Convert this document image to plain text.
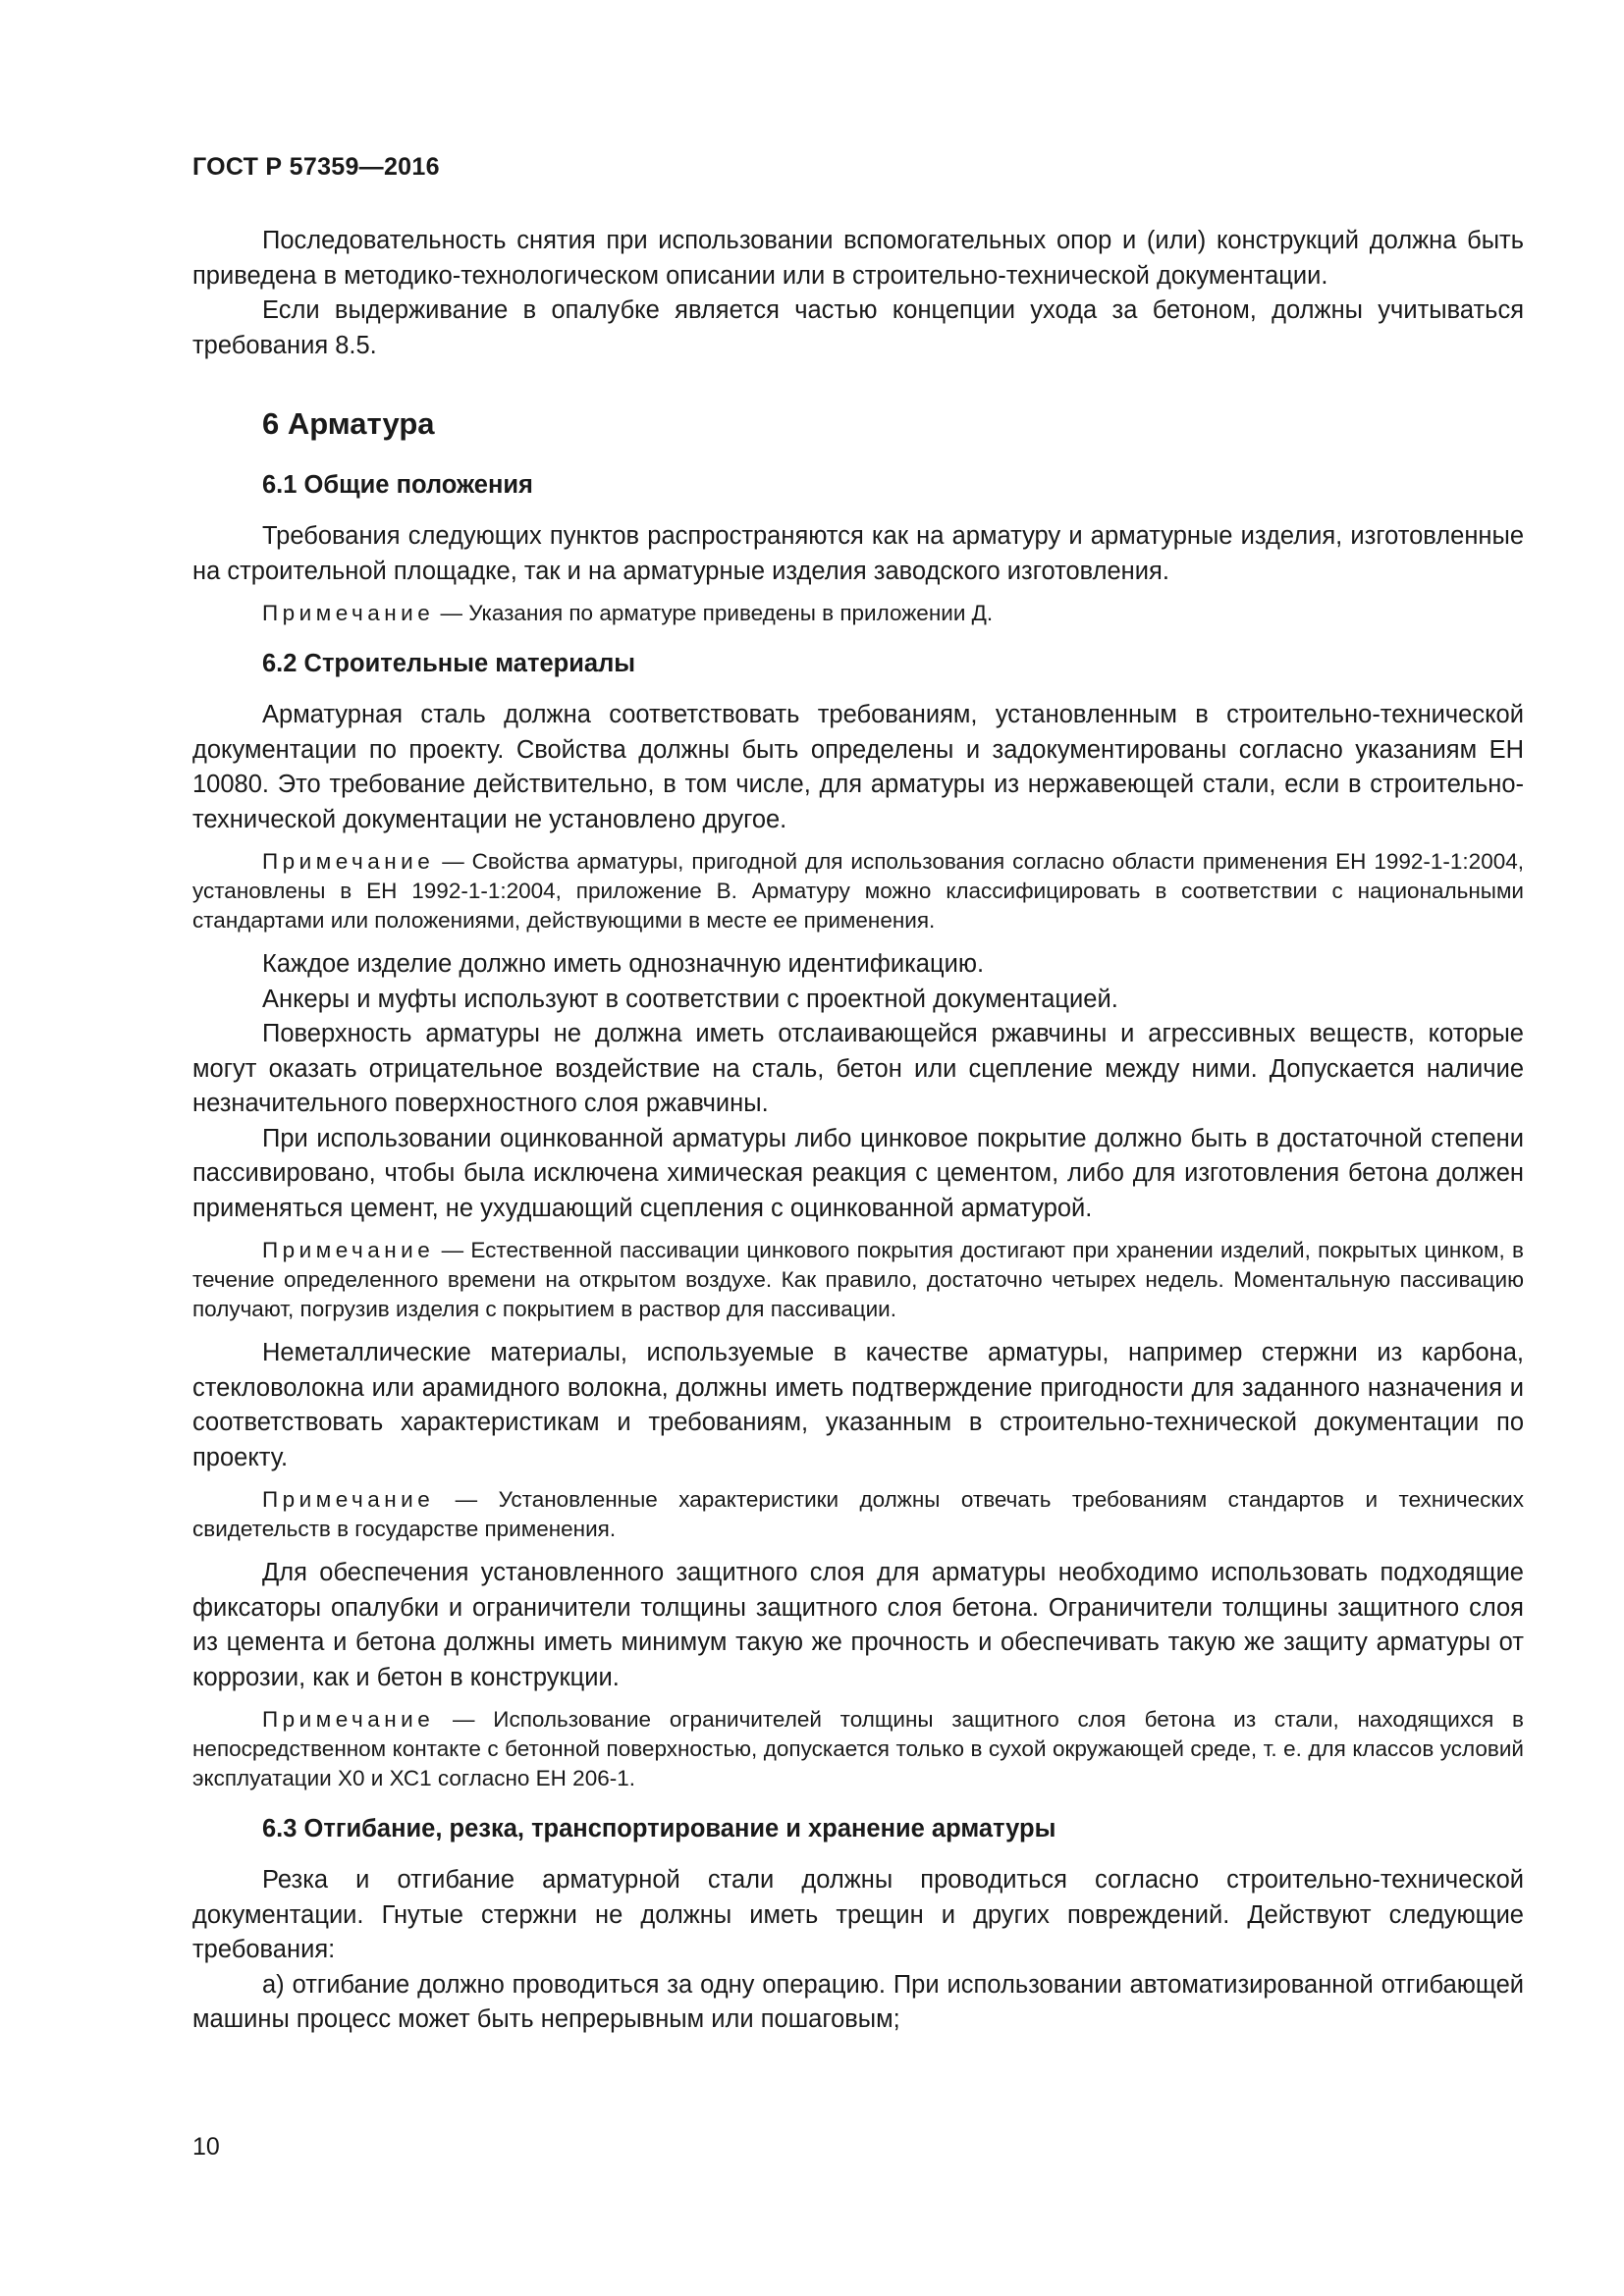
ГОСТ Р 57359—2016

Последовательность снятия при использовании вспомогательных опор и (или) конструкций должна быть приведена в методико-технологическом описании или в строительно-технической документации.

Если выдерживание в опалубке является частью концепции ухода за бетоном, должны учитываться требования 8.5.

6 Арматура
6.1 Общие положения

Требования следующих пунктов распространяются как на арматуру и арматурные изделия, изготовленные на строительной площадке, так и на арматурные изделия заводского изготовления.

Примечание — Указания по арматуре приведены в приложении Д.

6.2 Строительные материалы

Арматурная сталь должна соответствовать требованиям, установленным в строительно-технической документации по проекту. Свойства должны быть определены и задокументированы согласно указаниям ЕН 10080. Это требование действительно, в том числе, для арматуры из нержавеющей стали, если в строительно-технической документации не установлено другое.

Примечание — Свойства арматуры, пригодной для использования согласно области применения ЕН 1992-1-1:2004, установлены в ЕН 1992-1-1:2004, приложение В. Арматуру можно классифицировать в соответствии с национальными стандартами или положениями, действующими в месте ее применения.

Каждое изделие должно иметь однозначную идентификацию.

Анкеры и муфты используют в соответствии с проектной документацией.

Поверхность арматуры не должна иметь отслаивающейся ржавчины и агрессивных веществ, которые могут оказать отрицательное воздействие на сталь, бетон или сцепление между ними. Допускается наличие незначительного поверхностного слоя ржавчины.

При использовании оцинкованной арматуры либо цинковое покрытие должно быть в достаточной степени пассивировано, чтобы была исключена химическая реакция с цементом, либо для изготовления бетона должен применяться цемент, не ухудшающий сцепления с оцинкованной арматурой.

Примечание — Естественной пассивации цинкового покрытия достигают при хранении изделий, покрытых цинком, в течение определенного времени на открытом воздухе. Как правило, достаточно четырех недель. Моментальную пассивацию получают, погрузив изделия с покрытием в раствор для пассивации.

Неметаллические материалы, используемые в качестве арматуры, например стержни из карбона, стекловолокна или арамидного волокна, должны иметь подтверждение пригодности для заданного назначения и соответствовать характеристикам и требованиям, указанным в строительно-технической документации по проекту.

Примечание — Установленные характеристики должны отвечать требованиям стандартов и технических свидетельств в государстве применения.

Для обеспечения установленного защитного слоя для арматуры необходимо использовать подходящие фиксаторы опалубки и ограничители толщины защитного слоя бетона. Ограничители толщины защитного слоя из цемента и бетона должны иметь минимум такую же прочность и обеспечивать такую же защиту арматуры от коррозии, как и бетон в конструкции.

Примечание — Использование ограничителей толщины защитного слоя бетона из стали, находящихся в непосредственном контакте с бетонной поверхностью, допускается только в сухой окружающей среде, т. е. для классов условий эксплуатации Х0 и ХС1 согласно ЕН 206-1.

6.3 Отгибание, резка, транспортирование и хранение арматуры

Резка и отгибание арматурной стали должны проводиться согласно строительно-технической документации. Гнутые стержни не должны иметь трещин и других повреждений. Действуют следующие требования:

а) отгибание должно проводиться за одну операцию. При использовании автоматизированной отгибающей машины процесс может быть непрерывным или пошаговым;

10
